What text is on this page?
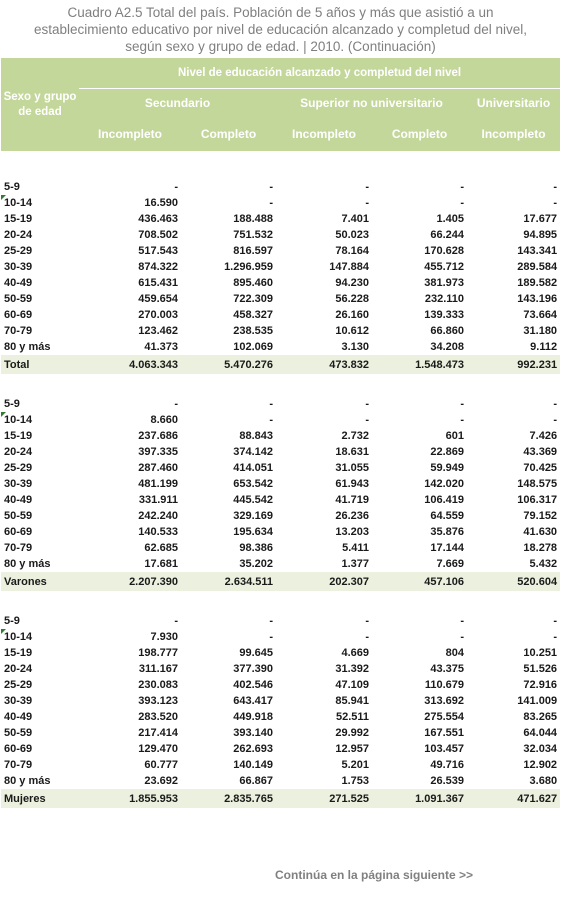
Cuadro A2.5 Total del país. Población de 5 años y más que asistió a un
establecimiento educativo por nivel de educación alcanzado y completud del nivel,
según sexo y grupo de edad. | 2010. (Continuación)
Sexo y grupo de edad	Nivel de educación alcanzado y completud del nivel				
	Secundario		Superior no universitario		Universitario
	Incompleto	Completo	Incompleto	Completo	Incompleto

5-9	-	-	-	-	-

10-14	16.590	-	-	-	-
15-19	436.463	188.488	7.401	1.405	17.677
20-24	708.502	751.532	50.023	66.244	94.895
25-29	517.543	816.597	78.164	170.628	143.341
30-39	874.322	1.296.959	147.884	455.712	289.584
40-49	615.431	895.460	94.230	381.973	189.582
50-59	459.654	722.309	56.228	232.110	143.196
60-69	270.003	458.327	26.160	139.333	73.664
70-79	123.462	238.535	10.612	66.860	31.180
80 y más	41.373	102.069	3.130	34.208	9.112
Total	4.063.343	5.470.276	473.832	1.548.473	992.231

5-9	-	-	-	-	-

10-14	8.660	-	-	-	-
15-19	237.686	88.843	2.732	601	7.426
20-24	397.335	374.142	18.631	22.869	43.369
25-29	287.460	414.051	31.055	59.949	70.425
30-39	481.199	653.542	61.943	142.020	148.575
40-49	331.911	445.542	41.719	106.419	106.317
50-59	242.240	329.169	26.236	64.559	79.152
60-69	140.533	195.634	13.203	35.876	41.630
70-79	62.685	98.386	5.411	17.144	18.278
80 y más	17.681	35.202	1.377	7.669	5.432
Varones	2.207.390	2.634.511	202.307	457.106	520.604

5-9	-	-	-	-	-

10-14	7.930	-	-	-	-
15-19	198.777	99.645	4.669	804	10.251
20-24	311.167	377.390	31.392	43.375	51.526
25-29	230.083	402.546	47.109	110.679	72.916
30-39	393.123	643.417	85.941	313.692	141.009
40-49	283.520	449.918	52.511	275.554	83.265
50-59	217.414	393.140	29.992	167.551	64.044
60-69	129.470	262.693	12.957	103.457	32.034
70-79	60.777	140.149	5.201	49.716	12.902
80 y más	23.692	66.867	1.753	26.539	3.680
Mujeres	1.855.953	2.835.765	271.525	1.091.367	471.627
Continúa en la página siguiente >>
